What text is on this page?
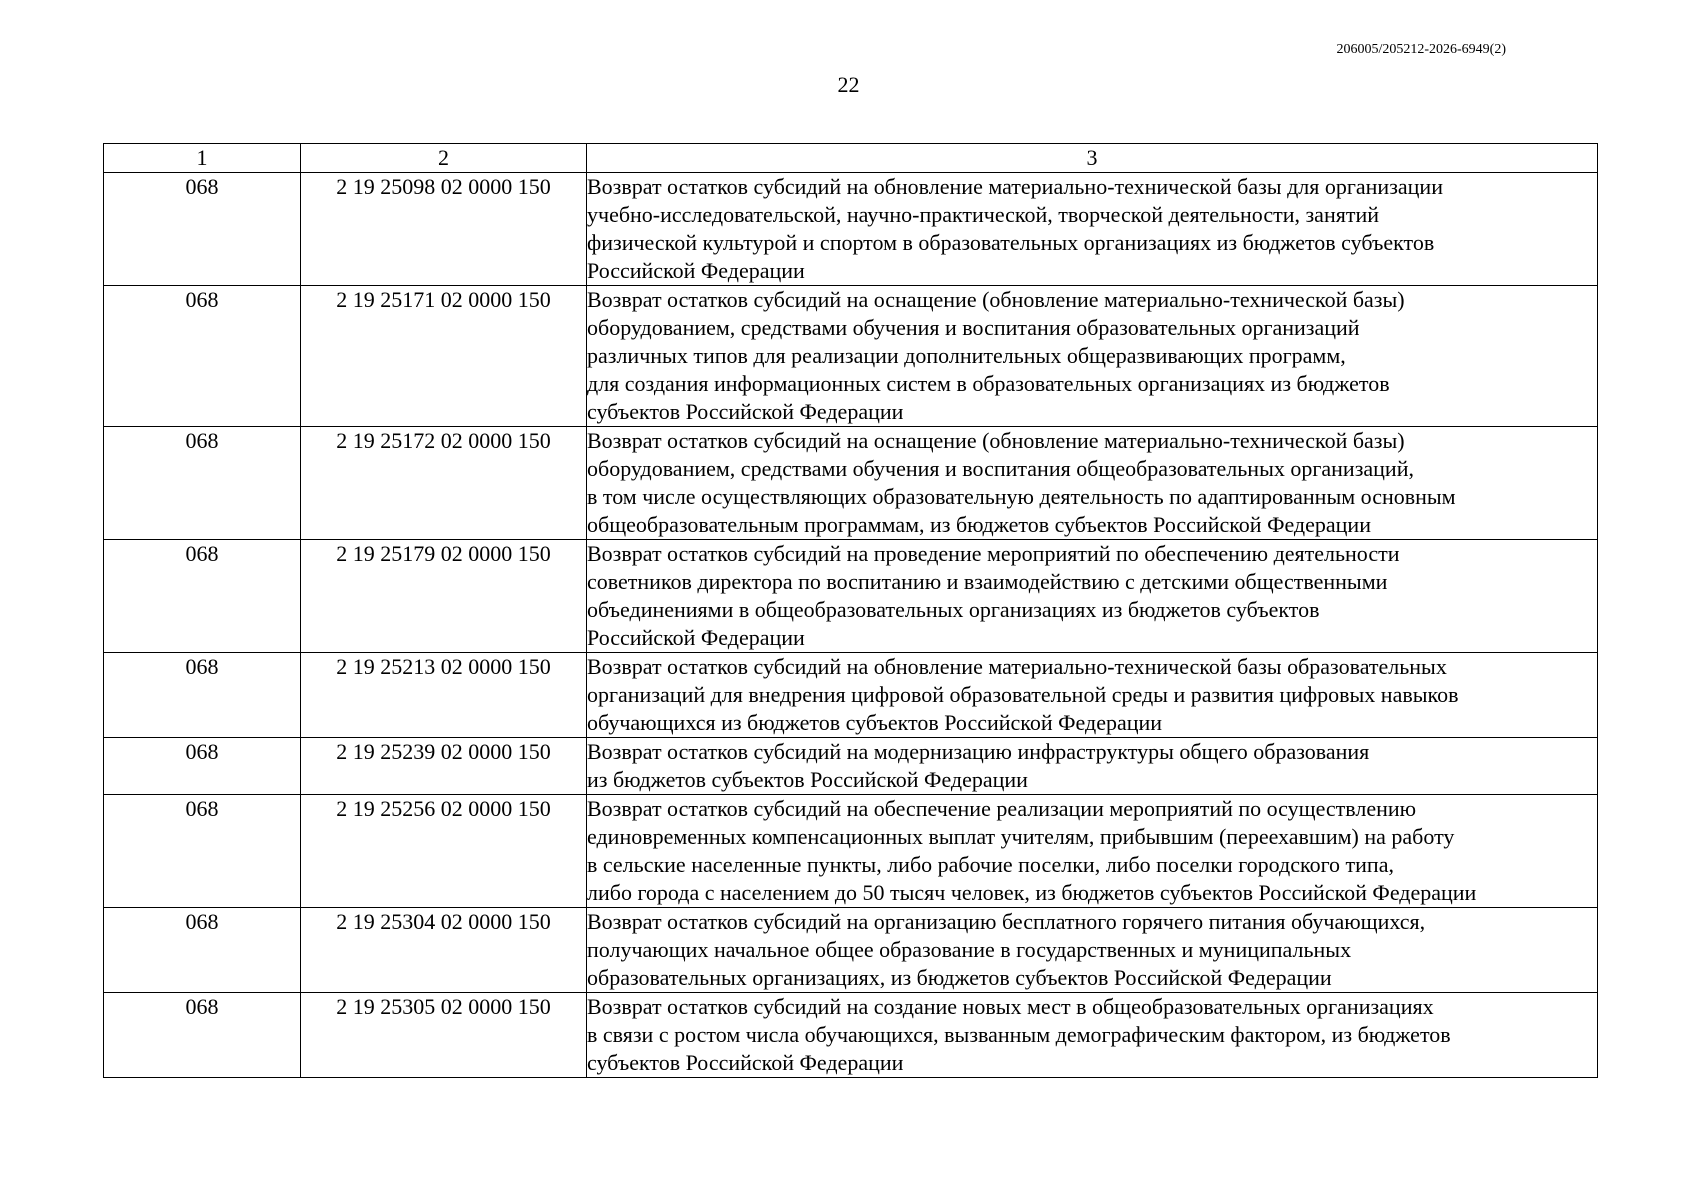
206005/205212-2026-6949(2)
22
1	2	3
068	2 19 25098 02 0000 150	Возврат остатков субсидий на обновление материально-технической базы для организации
учебно-исследовательской, научно-практической, творческой деятельности, занятий
физической культурой и спортом в образовательных организациях из бюджетов субъектов
Российской Федерации

068	2 19 25171 02 0000 150	Возврат остатков субсидий на оснащение (обновление материально-технической базы)
оборудованием, средствами обучения и воспитания образовательных организаций
различных типов для реализации дополнительных общеразвивающих программ,
для создания информационных систем в образовательных организациях из бюджетов
субъектов Российской Федерации

068	2 19 25172 02 0000 150	Возврат остатков субсидий на оснащение (обновление материально-технической базы)
оборудованием, средствами обучения и воспитания общеобразовательных организаций,
в том числе осуществляющих образовательную деятельность по адаптированным основным
общеобразовательным программам, из бюджетов субъектов Российской Федерации

068	2 19 25179 02 0000 150	Возврат остатков субсидий на проведение мероприятий по обеспечению деятельности
советников директора по воспитанию и взаимодействию с детскими общественными
объединениями в общеобразовательных организациях из бюджетов субъектов
Российской Федерации

068	2 19 25213 02 0000 150	Возврат остатков субсидий на обновление материально-технической базы образовательных
организаций для внедрения цифровой образовательной среды и развития цифровых навыков
обучающихся из бюджетов субъектов Российской Федерации

068	2 19 25239 02 0000 150	Возврат остатков субсидий на модернизацию инфраструктуры общего образования
из бюджетов субъектов Российской Федерации

068	2 19 25256 02 0000 150	Возврат остатков субсидий на обеспечение реализации мероприятий по осуществлению
единовременных компенсационных выплат учителям, прибывшим (переехавшим) на работу
в сельские населенные пункты, либо рабочие поселки, либо поселки городского типа,
либо города с населением до 50 тысяч человек, из бюджетов субъектов Российской Федерации

068	2 19 25304 02 0000 150	Возврат остатков субсидий на организацию бесплатного горячего питания обучающихся,
получающих начальное общее образование в государственных и муниципальных
образовательных организациях, из бюджетов субъектов Российской Федерации

068	2 19 25305 02 0000 150	Возврат остатков субсидий на создание новых мест в общеобразовательных организациях
в связи с ростом числа обучающихся, вызванным демографическим фактором, из бюджетов
субъектов Российской Федерации
